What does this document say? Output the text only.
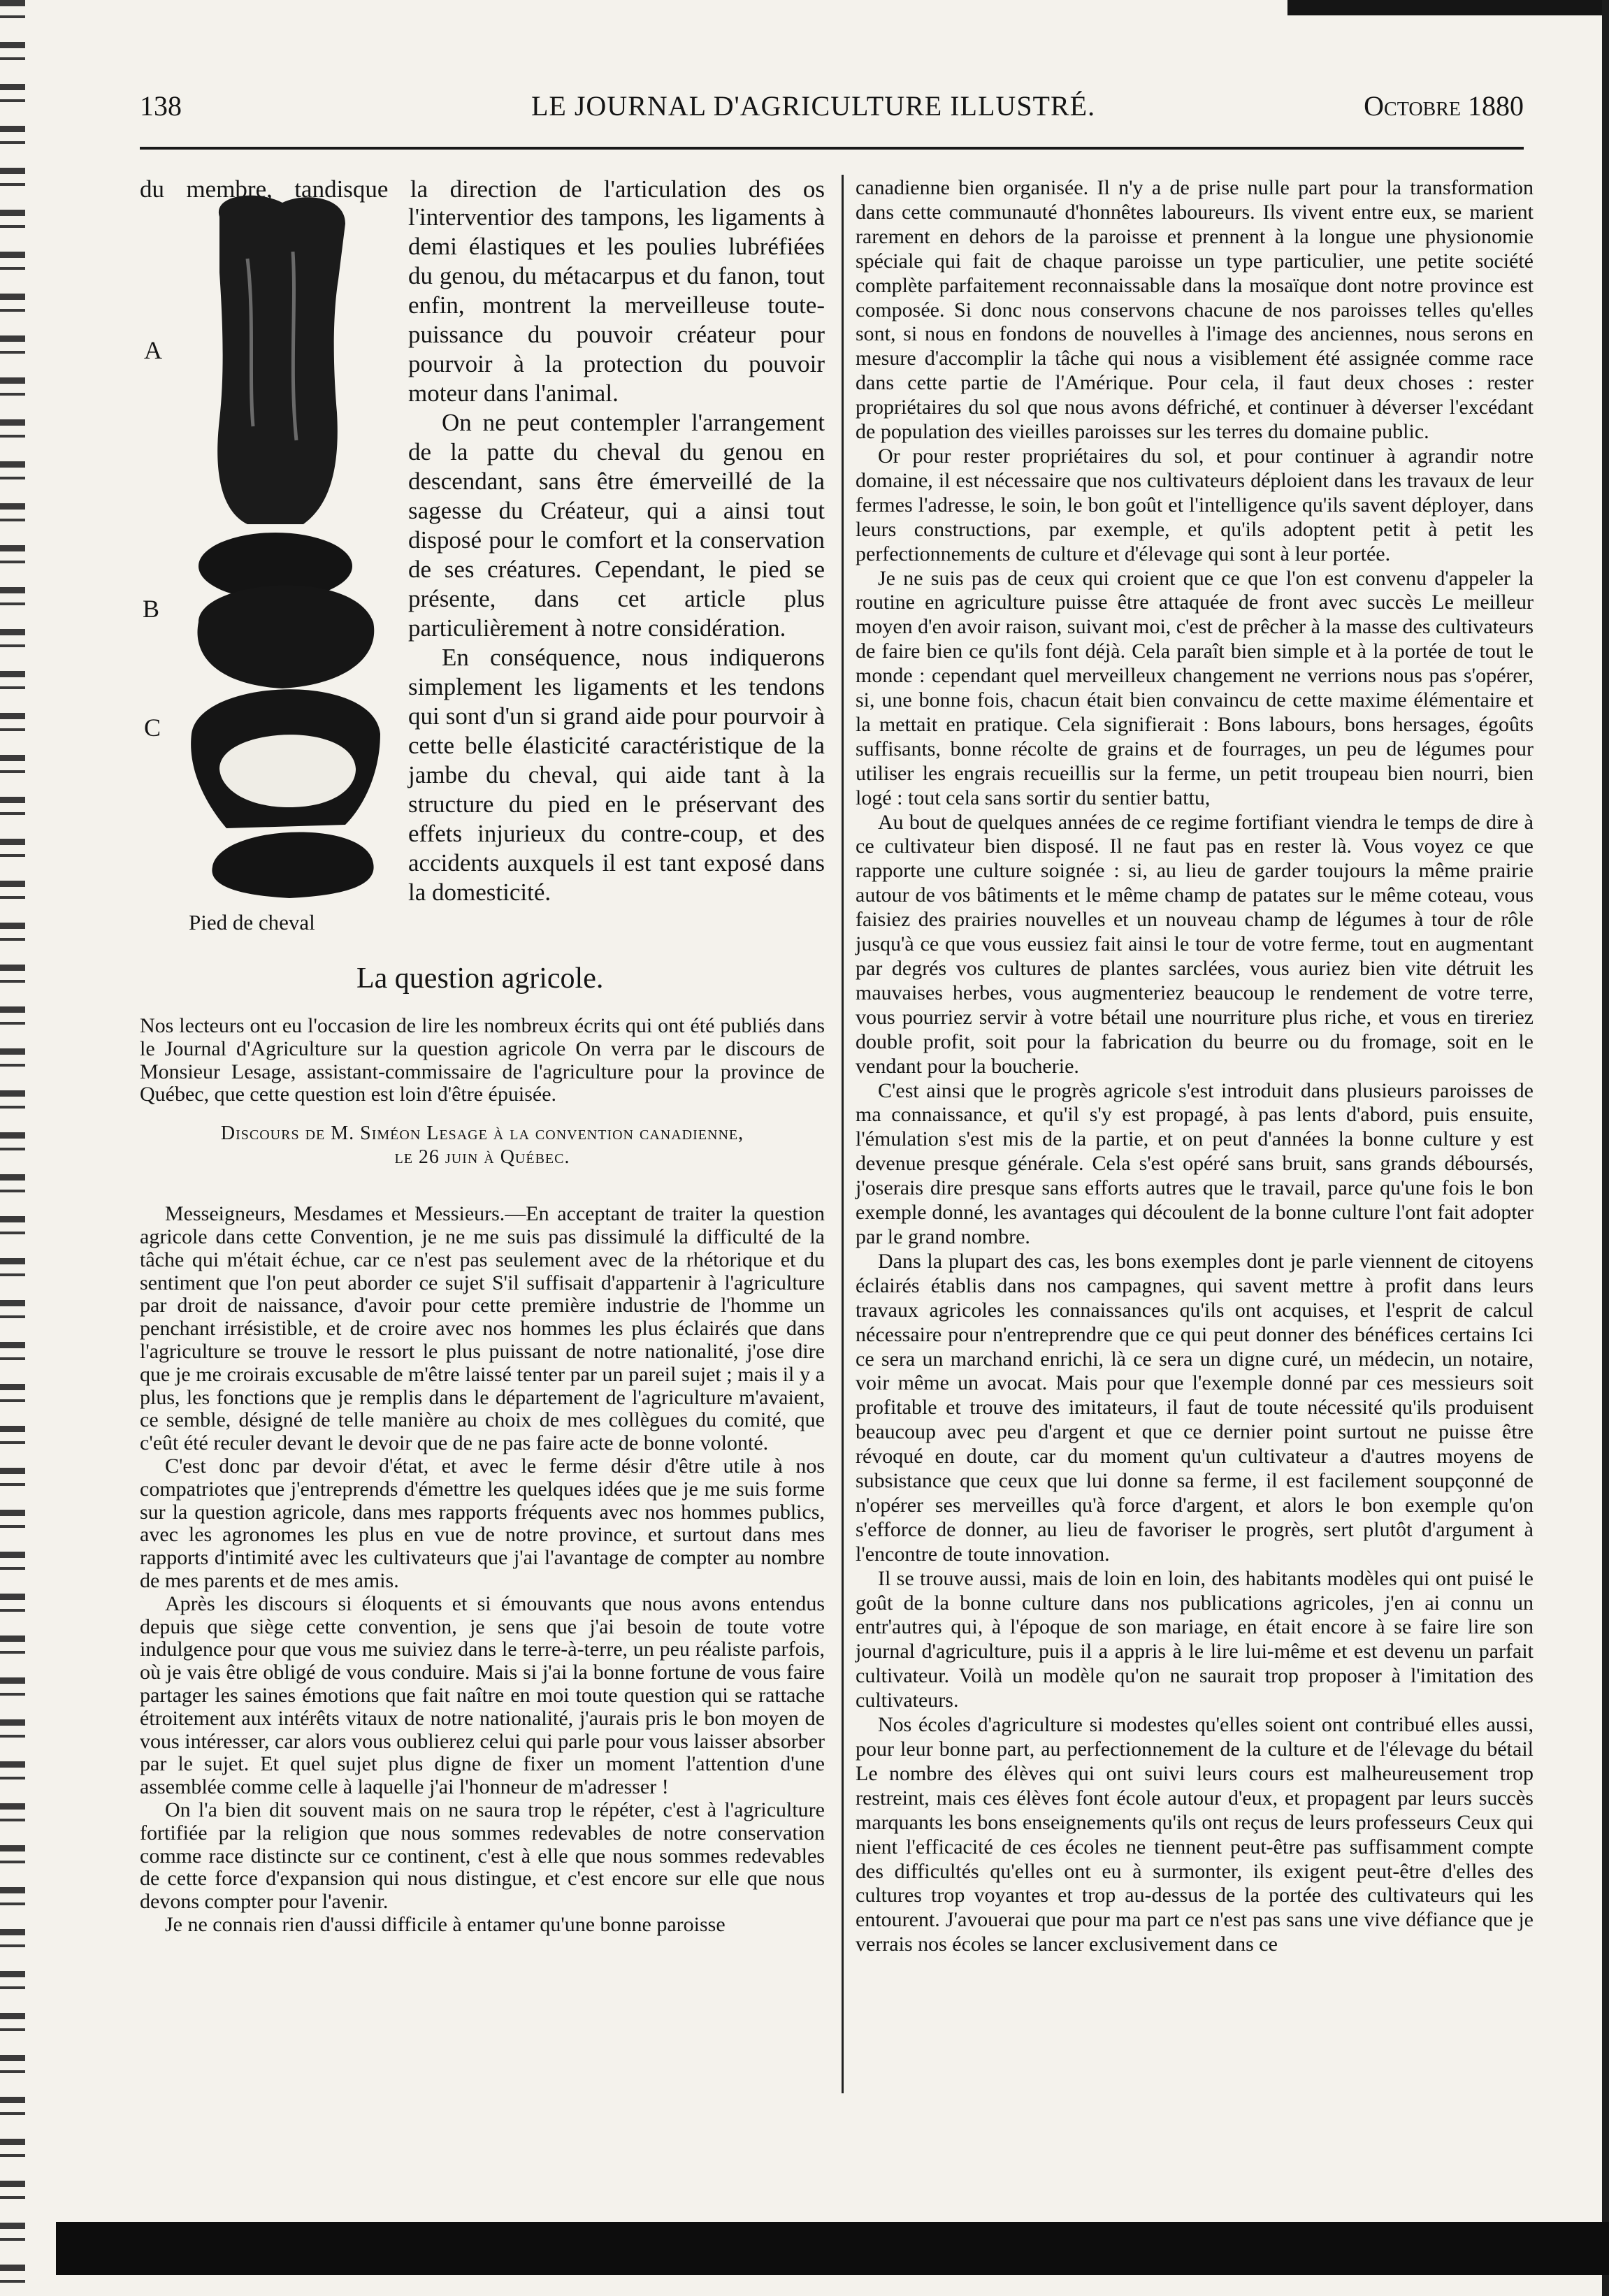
138	LE JOURNAL D'AGRICULTURE ILLUSTRÉ.	Octobre 1880
du membre, tandisque la direction de l'articulation des os
A
B
C
Pied de cheval

l'interventior des tampons, les ligaments à demi élastiques et les poulies lubréfiées du genou, du métacarpus et du fanon, tout enfin, montrent la merveilleuse toute-puissance du pouvoir créateur pour pourvoir à la protection du pouvoir moteur dans l'animal.

On ne peut contempler l'arrangement de la patte du cheval du genou en descendant, sans être émerveillé de la sagesse du Créateur, qui a ainsi tout disposé pour le comfort et la conservation de ses créatures. Cependant, le pied se présente, dans cet article plus particulièrement à notre considération.

En conséquence, nous indiquerons simplement les ligaments et les tendons qui sont d'un si grand aide pour pourvoir à cette belle élasticité caractéristique de la jambe du cheval, qui aide tant à la structure du pied en le préservant des effets injurieux du contre-coup, et des accidents auxquels il est tant exposé dans la domesticité.

La question agricole.

Nos lecteurs ont eu l'occasion de lire les nombreux écrits qui ont été publiés dans le Journal d'Agriculture sur la question agricole On verra par le discours de Monsieur Lesage, assistant-commissaire de l'agriculture pour la province de Québec, que cette question est loin d'être épuisée.

Discours de M. Siméon Lesage à la convention canadienne,
le 26 juin à Québec.

Messeigneurs, Mesdames et Messieurs.—En acceptant de traiter la question agricole dans cette Convention, je ne me suis pas dissimulé la difficulté de la tâche qui m'était échue, car ce n'est pas seulement avec de la rhétorique et du sentiment que l'on peut aborder ce sujet S'il suffisait d'appartenir à l'agriculture par droit de naissance, d'avoir pour cette première industrie de l'homme un penchant irrésistible, et de croire avec nos hommes les plus éclairés que dans l'agriculture se trouve le ressort le plus puissant de notre nationalité, j'ose dire que je me croirais excusable de m'être laissé tenter par un pareil sujet ; mais il y a plus, les fonctions que je remplis dans le département de l'agriculture m'avaient, ce semble, désigné de telle manière au choix de mes collègues du comité, que c'eût été reculer devant le devoir que de ne pas faire acte de bonne volonté.

C'est donc par devoir d'état, et avec le ferme désir d'être utile à nos compatriotes que j'entreprends d'émettre les quelques idées que je me suis forme sur la question agricole, dans mes rapports fréquents avec nos hommes publics, avec les agronomes les plus en vue de notre province, et surtout dans mes rapports d'intimité avec les cultivateurs que j'ai l'avantage de compter au nombre de mes parents et de mes amis.

Après les discours si éloquents et si émouvants que nous avons entendus depuis que siège cette convention, je sens que j'ai besoin de toute votre indulgence pour que vous me suiviez dans le terre-à-terre, un peu réaliste parfois, où je vais être obligé de vous conduire. Mais si j'ai la bonne fortune de vous faire partager les saines émotions que fait naître en moi toute question qui se rattache étroitement aux intérêts vitaux de notre nationalité, j'aurais pris le bon moyen de vous intéresser, car alors vous oublierez celui qui parle pour vous laisser absorber par le sujet. Et quel sujet plus digne de fixer un moment l'attention d'une assemblée comme celle à laquelle j'ai l'honneur de m'adresser !

On l'a bien dit souvent mais on ne saura trop le répéter, c'est à l'agriculture fortifiée par la religion que nous sommes redevables de notre conservation comme race distincte sur ce continent, c'est à elle que nous sommes redevables de cette force d'expansion qui nous distingue, et c'est encore sur elle que nous devons compter pour l'avenir.

Je ne connais rien d'aussi difficile à entamer qu'une bonne paroisse

canadienne bien organisée. Il n'y a de prise nulle part pour la transformation dans cette communauté d'honnêtes laboureurs. Ils vivent entre eux, se marient rarement en dehors de la paroisse et prennent à la longue une physionomie spéciale qui fait de chaque paroisse un type particulier, une petite société complète parfaitement reconnaissable dans la mosaïque dont notre province est composée. Si donc nous conservons chacune de nos paroisses telles qu'elles sont, si nous en fondons de nouvelles à l'image des anciennes, nous serons en mesure d'accomplir la tâche qui nous a visiblement été assignée comme race dans cette partie de l'Amérique. Pour cela, il faut deux choses : rester propriétaires du sol que nous avons défriché, et continuer à déverser l'excédant de population des vieilles paroisses sur les terres du domaine public.

Or pour rester propriétaires du sol, et pour continuer à agrandir notre domaine, il est nécessaire que nos cultivateurs déploient dans les travaux de leur fermes l'adresse, le soin, le bon goût et l'intelligence qu'ils savent déployer, dans leurs constructions, par exemple, et qu'ils adoptent petit à petit les perfectionnements de culture et d'élevage qui sont à leur portée.

Je ne suis pas de ceux qui croient que ce que l'on est convenu d'appeler la routine en agriculture puisse être attaquée de front avec succès Le meilleur moyen d'en avoir raison, suivant moi, c'est de prêcher à la masse des cultivateurs de faire bien ce qu'ils font déjà. Cela paraît bien simple et à la portée de tout le monde : cependant quel merveilleux changement ne verrions nous pas s'opérer, si, une bonne fois, chacun était bien convaincu de cette maxime élémentaire et la mettait en pratique. Cela signifierait : Bons labours, bons hersages, égoûts suffisants, bonne récolte de grains et de fourrages, un peu de légumes pour utiliser les engrais recueillis sur la ferme, un petit troupeau bien nourri, bien logé : tout cela sans sortir du sentier battu,

Au bout de quelques années de ce regime fortifiant viendra le temps de dire à ce cultivateur bien disposé. Il ne faut pas en rester là. Vous voyez ce que rapporte une culture soignée : si, au lieu de garder toujours la même prairie autour de vos bâtiments et le même champ de patates sur le même coteau, vous faisiez des prairies nouvelles et un nouveau champ de légumes à tour de rôle jusqu'à ce que vous eussiez fait ainsi le tour de votre ferme, tout en augmentant par degrés vos cultures de plantes sarclées, vous auriez bien vite détruit les mauvaises herbes, vous augmenteriez beaucoup le rendement de votre terre, vous pourriez servir à votre bétail une nourriture plus riche, et vous en tireriez double profit, soit pour la fabrication du beurre ou du fromage, soit en le vendant pour la boucherie.

C'est ainsi que le progrès agricole s'est introduit dans plusieurs paroisses de ma connaissance, et qu'il s'y est propagé, à pas lents d'abord, puis ensuite, l'émulation s'est mis de la partie, et on peut d'années la bonne culture y est devenue presque générale. Cela s'est opéré sans bruit, sans grands déboursés, j'oserais dire presque sans efforts autres que le travail, parce qu'une fois le bon exemple donné, les avantages qui découlent de la bonne culture l'ont fait adopter par le grand nombre.

Dans la plupart des cas, les bons exemples dont je parle viennent de citoyens éclairés établis dans nos campagnes, qui savent mettre à profit dans leurs travaux agricoles les connaissances qu'ils ont acquises, et l'esprit de calcul nécessaire pour n'entreprendre que ce qui peut donner des bénéfices certains Ici ce sera un marchand enrichi, là ce sera un digne curé, un médecin, un notaire, voir même un avocat. Mais pour que l'exemple donné par ces messieurs soit profitable et trouve des imitateurs, il faut de toute nécessité qu'ils produisent beaucoup avec peu d'argent et que ce dernier point surtout ne puisse être révoqué en doute, car du moment qu'un cultivateur a d'autres moyens de subsistance que ceux que lui donne sa ferme, il est facilement soupçonné de n'opérer ses merveilles qu'à force d'argent, et alors le bon exemple qu'on s'efforce de donner, au lieu de favoriser le progrès, sert plutôt d'argument à l'encontre de toute innovation.

Il se trouve aussi, mais de loin en loin, des habitants modèles qui ont puisé le goût de la bonne culture dans nos publications agricoles, j'en ai connu un entr'autres qui, à l'époque de son mariage, en était encore à se faire lire son journal d'agriculture, puis il a appris à le lire lui-même et est devenu un parfait cultivateur. Voilà un modèle qu'on ne saurait trop proposer à l'imitation des cultivateurs.

Nos écoles d'agriculture si modestes qu'elles soient ont contribué elles aussi, pour leur bonne part, au perfectionnement de la culture et de l'élevage du bétail Le nombre des élèves qui ont suivi leurs cours est malheureusement trop restreint, mais ces élèves font école autour d'eux, et propagent par leurs succès marquants les bons enseignements qu'ils ont reçus de leurs professeurs Ceux qui nient l'efficacité de ces écoles ne tiennent peut-être pas suffisamment compte des difficultés qu'elles ont eu à surmonter, ils exigent peut-être d'elles des cultures trop voyantes et trop au-dessus de la portée des cultivateurs qui les entourent. J'avouerai que pour ma part ce n'est pas sans une vive défiance que je verrais nos écoles se lancer exclusivement dans ce
